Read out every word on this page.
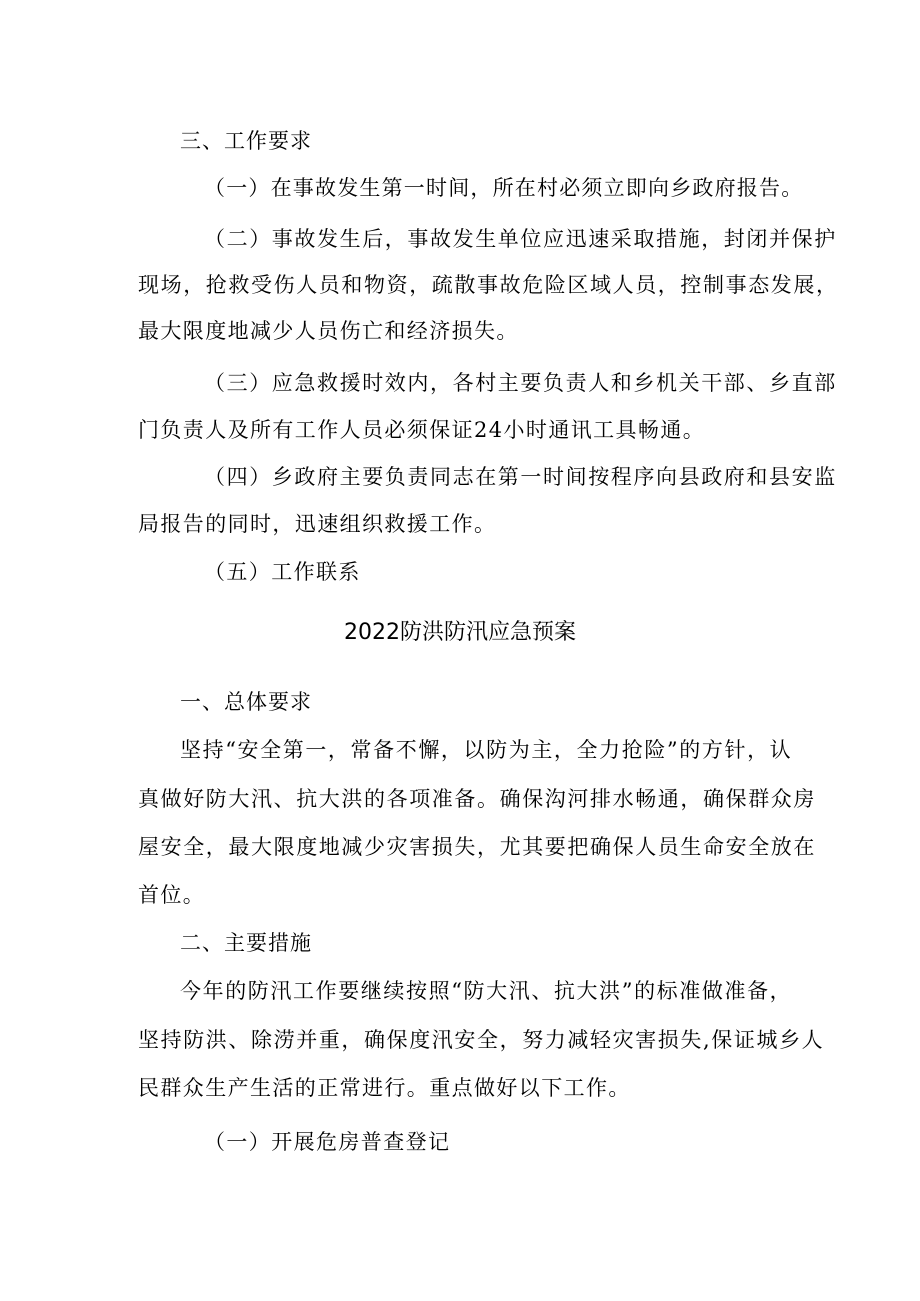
三、工作要求
（一）在事故发生第一时间，所在村必须立即向乡政府报告。
（二）事故发生后，事故发生单位应迅速采取措施，封闭并保护
现场，抢救受伤人员和物资，疏散事故危险区域人员，控制事态发展，
最大限度地减少人员伤亡和经济损失。
（三）应急救援时效内，各村主要负责人和乡机关干部、乡直部
门负责人及所有工作人员必须保证24小时通讯工具畅通。
（四）乡政府主要负责同志在第一时间按程序向县政府和县安监
局报告的同时，迅速组织救援工作。
（五）工作联系
2022防洪防汛应急预案
一、总体要求
坚持“安全第一，常备不懈，以防为主，全力抢险”的方针，认
真做好防大汛、抗大洪的各项准备。确保沟河排水畅通，确保群众房
屋安全，最大限度地减少灾害损失，尤其要把确保人员生命安全放在
首位。
二、主要措施
今年的防汛工作要继续按照“防大汛、抗大洪”的标准做准备，
坚持防洪、除涝并重，确保度汛安全，努力减轻灾害损失,保证城乡人
民群众生产生活的正常进行。重点做好以下工作。
（一）开展危房普查登记
